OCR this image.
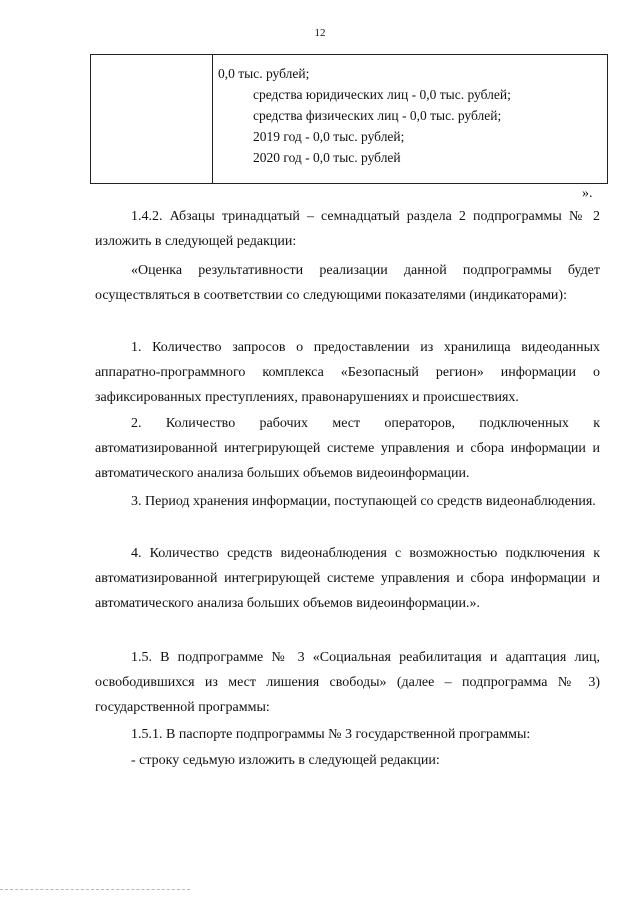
12

0,0 тыс. рублей;
средства юридических лиц - 0,0 тыс. рублей;
средства физических лиц - 0,0 тыс. рублей;
2019 год - 0,0 тыс. рублей;
2020 год - 0,0 тыс. рублей
».

1.4.2. Абзацы тринадцатый – семнадцатый раздела 2 подпрограммы № 2 изложить в следующей редакции:

«Оценка результативности реализации данной подпрограммы будет осуществляться в соответствии со следующими показателями (индикаторами):

1. Количество запросов о предоставлении из хранилища видеоданных аппаратно-программного комплекса «Безопасный регион» информации о зафиксированных преступлениях, правонарушениях и происшествиях.

2. Количество рабочих мест операторов, подключенных к автоматизированной интегрирующей системе управления и сбора информации и автоматического анализа больших объемов видеоинформации.

3. Период хранения информации, поступающей со средств видеонаблюдения.

4. Количество средств видеонаблюдения с возможностью подключения к автоматизированной интегрирующей системе управления и сбора информации и автоматического анализа больших объемов видеоинформации.».

1.5. В подпрограмме № 3 «Социальная реабилитация и адаптация лиц, освободившихся из мест лишения свободы» (далее – подпрограмма № 3) государственной программы:

1.5.1. В паспорте подпрограммы № 3 государственной программы:

- строку седьмую изложить в следующей редакции:
